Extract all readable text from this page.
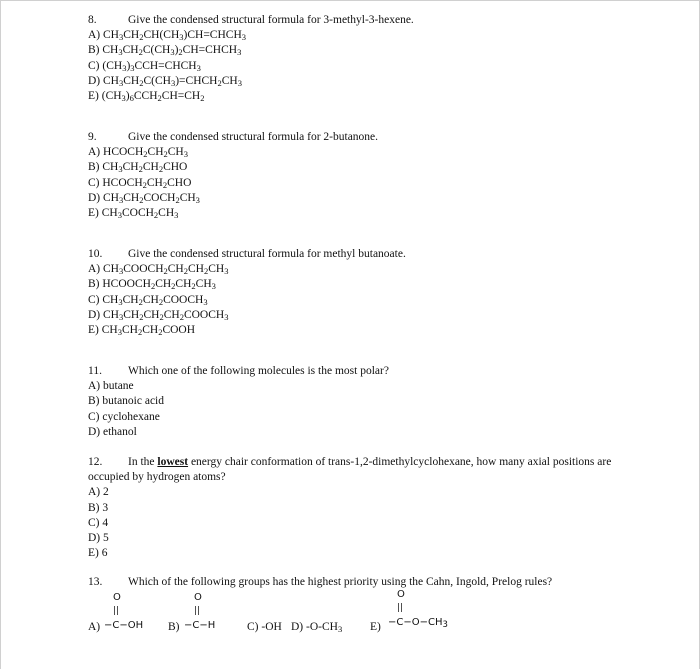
8.	Give the condensed structural formula for 3-methyl-3-hexene.
A) $CH_3CH_2CH(CH_3)CH=CHCH_3$
B) $CH_3CH_2C(CH_3)_2CH=CHCH_3$
C) $(CH_3)_3CCH=CHCH_3$
D) $CH_3CH_2C(CH_3)=CHCH_2CH_3$
E) $(CH_3)_6CCH_2CH=CH_2$
9.	Give the condensed structural formula for 2-butanone.
A) $HCOCH_2CH_2CH_3$
B) $CH_3CH_2CH_2CHO$
C) $HCOCH_2CH_2CHO$
D) $CH_3CH_2COCH_2CH_3$
E) $CH_3COCH_2CH_3$
10. Give the condensed structural formula for methyl butanoate.
A) $CH_3COOCH_2CH_2CH_2CH_3$
B) $HCOOCH_2CH_2CH_2CH_3$
C) $CH_3CH_2CH_2COOCH_3$
D) $CH_3CH_2CH_2CH_2COOCH_3$
E) $CH_3CH_2CH_2COOH$
11. Which one of the following molecules is the most polar?
A) butane
B) butanoic acid
C) cyclohexane
D) ethanol
12. In the lowest energy chair conformation of trans-1,2-dimethylcyclohexane, how many axial positions are
occupied by hydrogen atoms?
A) 2
B) 3
C) 4
D) 5
E) 6
13. Which of the following groups has the highest priority using the Cahn, Ingold, Prelog rules?
O
||
A) −C−OH
O
||
B) −C−H	C) -OH D) $-O-CH_3$
O
||
$E) -C-O-CH_3$
